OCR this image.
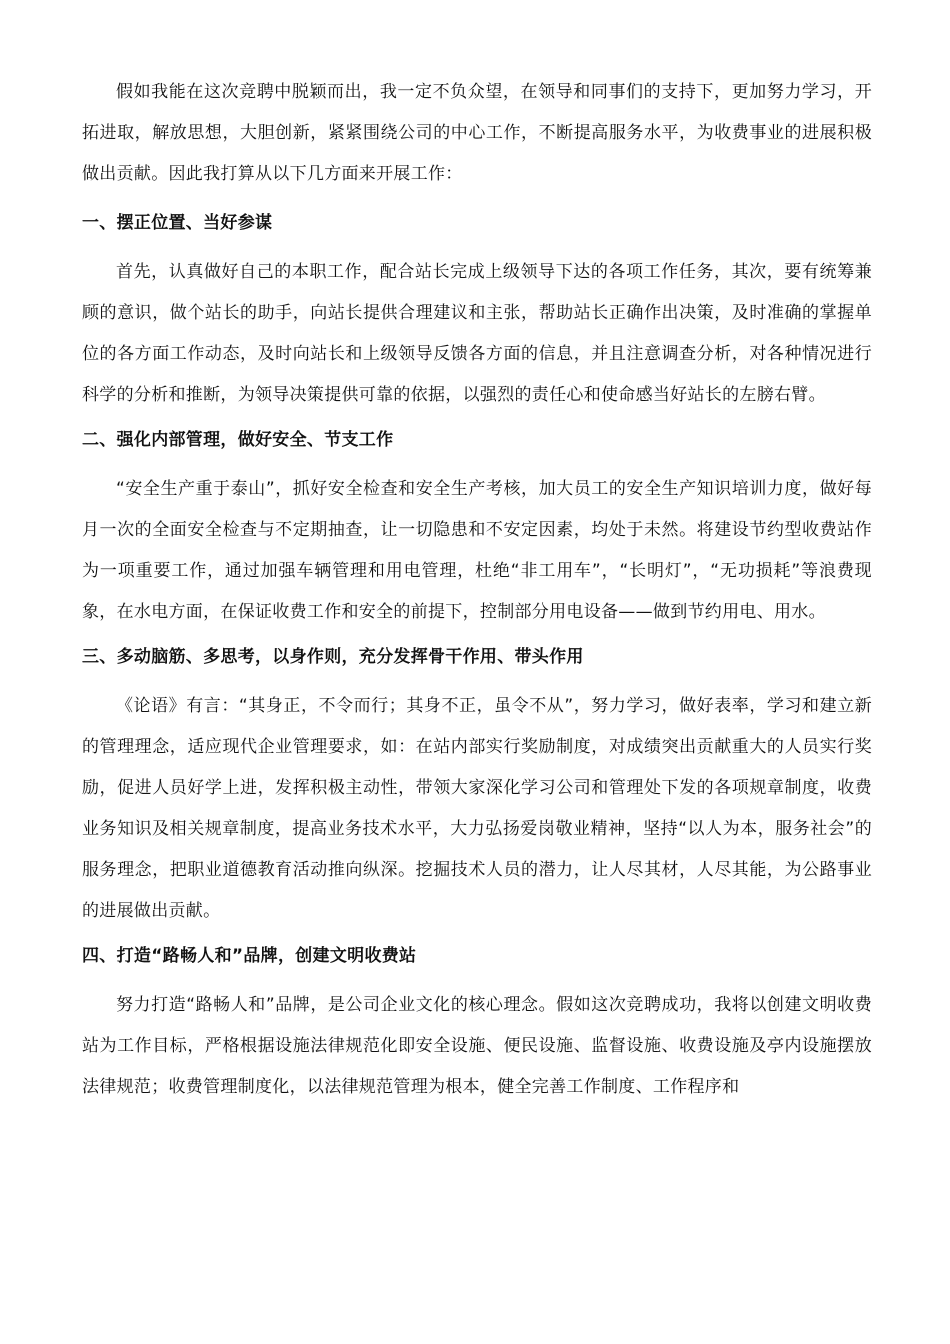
假如我能在这次竞聘中脱颖而出，我一定不负众望，在领导和同事们的支持下，更加努力学习，开拓进取，解放思想，大胆创新，紧紧围绕公司的中心工作，不断提高服务水平，为收费事业的进展积极做出贡献。因此我打算从以下几方面来开展工作：

一、摆正位置、当好参谋

首先，认真做好自己的本职工作，配合站长完成上级领导下达的各项工作任务，其次，要有统筹兼顾的意识，做个站长的助手，向站长提供合理建议和主张，帮助站长正确作出决策，及时准确的掌握单位的各方面工作动态，及时向站长和上级领导反馈各方面的信息，并且注意调查分析，对各种情况进行科学的分析和推断，为领导决策提供可靠的依据，以强烈的责任心和使命感当好站长的左膀右臂。

二、强化内部管理，做好安全、节支工作

“安全生产重于泰山”，抓好安全检查和安全生产考核，加大员工的安全生产知识培训力度，做好每月一次的全面安全检查与不定期抽查，让一切隐患和不安定因素，均处于未然。将建设节约型收费站作为一项重要工作，通过加强车辆管理和用电管理，杜绝“非工用车”，“长明灯”，“无功损耗”等浪费现象，在水电方面，在保证收费工作和安全的前提下，控制部分用电设备——做到节约用电、用水。

三、多动脑筋、多思考，以身作则，充分发挥骨干作用、带头作用

《论语》有言：“其身正，不令而行；其身不正，虽令不从”，努力学习，做好表率，学习和建立新的管理理念，适应现代企业管理要求，如：在站内部实行奖励制度，对成绩突出贡献重大的人员实行奖励，促进人员好学上进，发挥积极主动性，带领大家深化学习公司和管理处下发的各项规章制度，收费业务知识及相关规章制度，提高业务技术水平，大力弘扬爱岗敬业精神，坚持“以人为本，服务社会”的服务理念，把职业道德教育活动推向纵深。挖掘技术人员的潜力，让人尽其材，人尽其能，为公路事业的进展做出贡献。

四、打造“路畅人和”品牌，创建文明收费站

努力打造“路畅人和”品牌，是公司企业文化的核心理念。假如这次竞聘成功，我将以创建文明收费站为工作目标，严格根据设施法律规范化即安全设施、便民设施、监督设施、收费设施及亭内设施摆放法律规范；收费管理制度化，以法律规范管理为根本，健全完善工作制度、工作程序和
